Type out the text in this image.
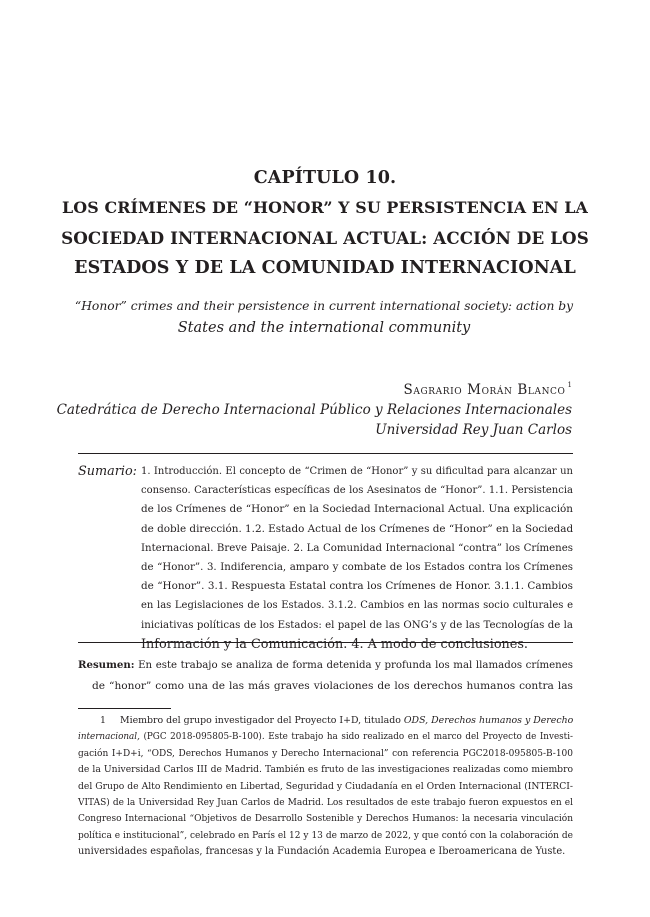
CAPÍTULO 10.
LOS CRÍMENES DE “HONOR” Y SU PERSISTENCIA EN LA
SOCIEDAD INTERNACIONAL ACTUAL: ACCIÓN DE LOS
ESTADOS Y DE LA COMUNIDAD INTERNACIONAL
“Honor” crimes and their persistence in current international society: action by
States and the international community
Sagrario Morán Blanco $^1$
Catedrática de Derecho Internacional Público y Relaciones Internacionales
Universidad Rey Juan Carlos
Sumario: 1. Introducción. El concepto de “Crimen de “Honor” y su dificultad para alcanzar un
consenso. Características específicas de los Asesinatos de “Honor”. 1.1. Persistencia
de los Crímenes de “Honor” en la Sociedad Internacional Actual. Una explicación
de doble dirección. 1.2. Estado Actual de los Crímenes de “Honor” en la Sociedad
Internacional. Breve Paisaje. 2. La Comunidad Internacional “contra” los Crímenes
de “Honor”. 3. Indiferencia, amparo y combate de los Estados contra los Crímenes
de “Honor”. 3.1. Respuesta Estatal contra los Crímenes de Honor. 3.1.1. Cambios
en las Legislaciones de los Estados. 3.1.2. Cambios en las normas socio culturales e
iniciativas políticas de los Estados: el papel de las ONG’s y de las Tecnologías de la
Información y la Comunicación. 4. A modo de conclusiones.
Resumen: En este trabajo se analiza de forma detenida y profunda los mal llamados crímenes
de “honor” como una de las más graves violaciones de los derechos humanos contra las
1 Miembro del grupo investigador del Proyecto I+D, titulado ODS, Derechos humanos y Derecho
internacional, (PGC 2018-095805-B-100). Este trabajo ha sido realizado en el marco del Proyecto de Investi-
gación I+D+i, “ODS, Derechos Humanos y Derecho Internacional” con referencia PGC2018-095805-B-100
de la Universidad Carlos III de Madrid. También es fruto de las investigaciones realizadas como miembro
del Grupo de Alto Rendimiento en Libertad, Seguridad y Ciudadanía en el Orden Internacional (INTERCI-
VITAS) de la Universidad Rey Juan Carlos de Madrid. Los resultados de este trabajo fueron expuestos en el
Congreso Internacional “Objetivos de Desarrollo Sostenible y Derechos Humanos: la necesaria vinculación
política e institucional”, celebrado en París el 12 y 13 de marzo de 2022, y que contó con la colaboración de
universidades españolas, francesas y la Fundación Academia Europea e Iberoamericana de Yuste.
